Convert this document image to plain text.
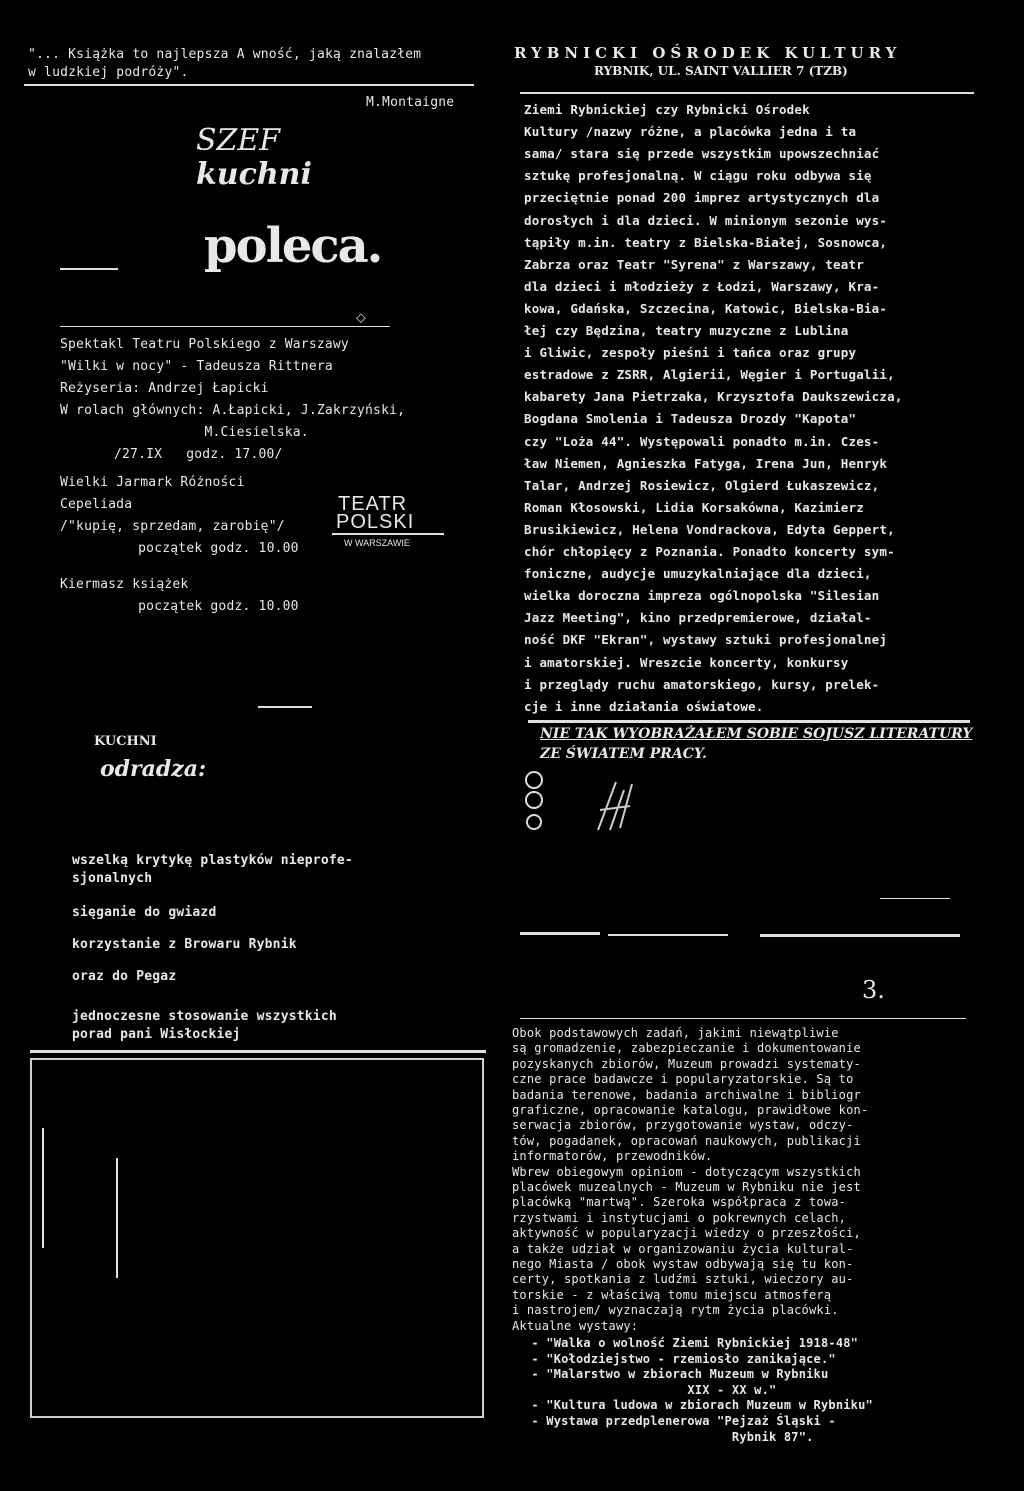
"... Książka to najlepsza A wność, jaką znalazłem
w ludzkiej podróży".
M.Montaigne
SZEF
kuchni
poleca.
⬦
Spektakl Teatru Polskiego z Warszawy
"Wilki w nocy" - Tadeusza Rittnera
Reżyseria: Andrzej Łapicki
W rolach głównych: A.Łapicki, J.Zakrzyński,
M.Ciesielska.
/27.IX   godz. 17.00/
Wielki Jarmark Różności
Cepeliada
/"kupię, sprzedam, zarobię"/
początek godz. 10.00
Kiermasz książek
początek godz. 10.00
TEATR
POLSKI
W WARSZAWIE
KUCHNI
odradza:
wszelką krytykę plastyków nieprofe-
sjonalnych
sięganie do gwiazd
korzystanie z Browaru Rybnik
oraz do Pegaz
jednoczesne stosowanie wszystkich
porad pani Wisłockiej
RYBNICKI OŚRODEK KULTURY
RYBNIK, UL. SAINT VALLIER 7 (TZB)
Ziemi Rybnickiej czy Rybnicki Ośrodek
Kultury /nazwy różne, a placówka jedna i ta
sama/ stara się przede wszystkim upowszechniać
sztukę profesjonalną. W ciągu roku odbywa się
przeciętnie ponad 200 imprez artystycznych dla
dorosłych i dla dzieci. W minionym sezonie wys-
tąpiły m.in. teatry z Bielska-Białej, Sosnowca,
Zabrza oraz Teatr "Syrena" z Warszawy, teatr
dla dzieci i młodzieży z Łodzi, Warszawy, Kra-
kowa, Gdańska, Szczecina, Katowic, Bielska-Bia-
łej czy Będzina, teatry muzyczne z Lublina
i Gliwic, zespoły pieśni i tańca oraz grupy
estradowe z ZSRR, Algierii, Węgier i Portugalii,
kabarety Jana Pietrzaka, Krzysztofa Daukszewicza,
Bogdana Smolenia i Tadeusza Drozdy "Kapota"
czy "Loża 44". Występowali ponadto m.in. Czes-
ław Niemen, Agnieszka Fatyga, Irena Jun, Henryk
Talar, Andrzej Rosiewicz, Olgierd Łukaszewicz,
Roman Kłosowski, Lidia Korsakówna, Kazimierz
Brusikiewicz, Helena Vondrackova, Edyta Geppert,
chór chłopięcy z Poznania. Ponadto koncerty sym-
foniczne, audycje umuzykalniające dla dzieci,
wielka doroczna impreza ogólnopolska "Silesian
Jazz Meeting", kino przedpremierowe, działal-
ność DKF "Ekran", wystawy sztuki profesjonalnej
i amatorskiej. Wreszcie koncerty, konkursy
i przeglądy ruchu amatorskiego, kursy, prelek-
cje i inne działania oświatowe.
NIE TAK WYOBRAŻAŁEM SOBIE SOJUSZ LITERATURY
ZE ŚWIATEM PRACY.
3.
Obok podstawowych zadań, jakimi niewątpliwie
są gromadzenie, zabezpieczanie i dokumentowanie
pozyskanych zbiorów, Muzeum prowadzi systematy-
czne prace badawcze i popularyzatorskie. Są to
badania terenowe, badania archiwalne i bibliogr
graficzne, opracowanie katalogu, prawidłowe kon-
serwacja zbiorów, przygotowanie wystaw, odczy-
tów, pogadanek, opracowań naukowych, publikacji
informatorów, przewodników.
Wbrew obiegowym opiniom - dotyczącym wszystkich
placówek muzealnych - Muzeum w Rybniku nie jest
placówką "martwą". Szeroka współpraca z towa-
rzystwami i instytucjami o pokrewnych celach,
aktywność w popularyzacji wiedzy o przeszłości,
a także udział w organizowaniu życia kultural-
nego Miasta / obok wystaw odbywają się tu kon-
certy, spotkania z ludźmi sztuki, wieczory au-
torskie - z właściwą tomu miejscu atmosferą
i nastrojem/ wyznaczają rytm życia placówki.
Aktualne wystawy:
- "Walka o wolność Ziemi Rybnickiej 1918-48"
- "Kołodziejstwo - rzemiosło zanikające."
- "Malarstwo w zbiorach Muzeum w Rybniku
XIX - XX w."
- "Kultura ludowa w zbiorach Muzeum w Rybniku"
- Wystawa przedplenerowa "Pejzaż Śląski -
Rybnik 87".
